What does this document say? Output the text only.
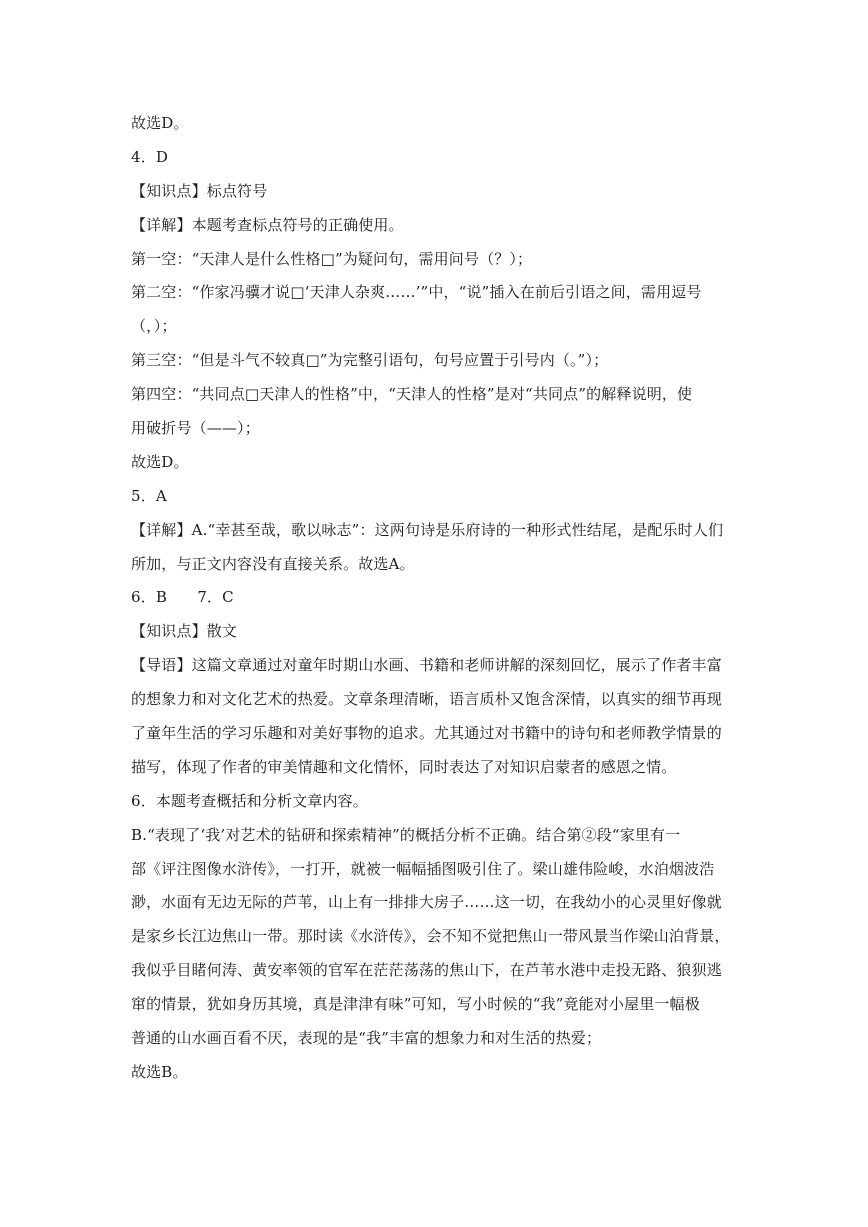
故选D。
4．D
【知识点】标点符号
【详解】本题考查标点符号的正确使用。
第一空：“天津人是什么性格□”为疑问句，需用问号（？）；
第二空：“作家冯骥才说□‘天津人杂爽……’”中，“说”插入在前后引语之间，需用逗号
（，）；
第三空：“但是斗气不较真□”为完整引语句，句号应置于引号内（。”）；
第四空：“共同点□天津人的性格”中，“天津人的性格”是对“共同点”的解释说明，使
用破折号（——）；
故选D。
5．A
【详解】A.“幸甚至哉，歌以咏志”：这两句诗是乐府诗的一种形式性结尾，是配乐时人们
所加，与正文内容没有直接关系。故选A。
6．B　　7．C
【知识点】散文
【导语】这篇文章通过对童年时期山水画、书籍和老师讲解的深刻回忆，展示了作者丰富
的想象力和对文化艺术的热爱。文章条理清晰，语言质朴又饱含深情，以真实的细节再现
了童年生活的学习乐趣和对美好事物的追求。尤其通过对书籍中的诗句和老师教学情景的
描写，体现了作者的审美情趣和文化情怀，同时表达了对知识启蒙者的感恩之情。
6．本题考查概括和分析文章内容。
B.“表现了‘我’对艺术的钻研和探索精神”的概括分析不正确。结合第②段“家里有一
部《评注图像水浒传》，一打开，就被一幅幅插图吸引住了。梁山雄伟险峻，水泊烟波浩
渺，水面有无边无际的芦苇，山上有一排排大房子……这一切，在我幼小的心灵里好像就
是家乡长江边焦山一带。那时读《水浒传》，会不知不觉把焦山一带风景当作梁山泊背景，
我似乎目睹何涛、黄安率领的官军在茫茫荡荡的焦山下，在芦苇水港中走投无路、狼狈逃
窜的情景，犹如身历其境，真是津津有味”可知，写小时候的“我”竟能对小屋里一幅极
普通的山水画百看不厌，表现的是“我”丰富的想象力和对生活的热爱；
故选B。
